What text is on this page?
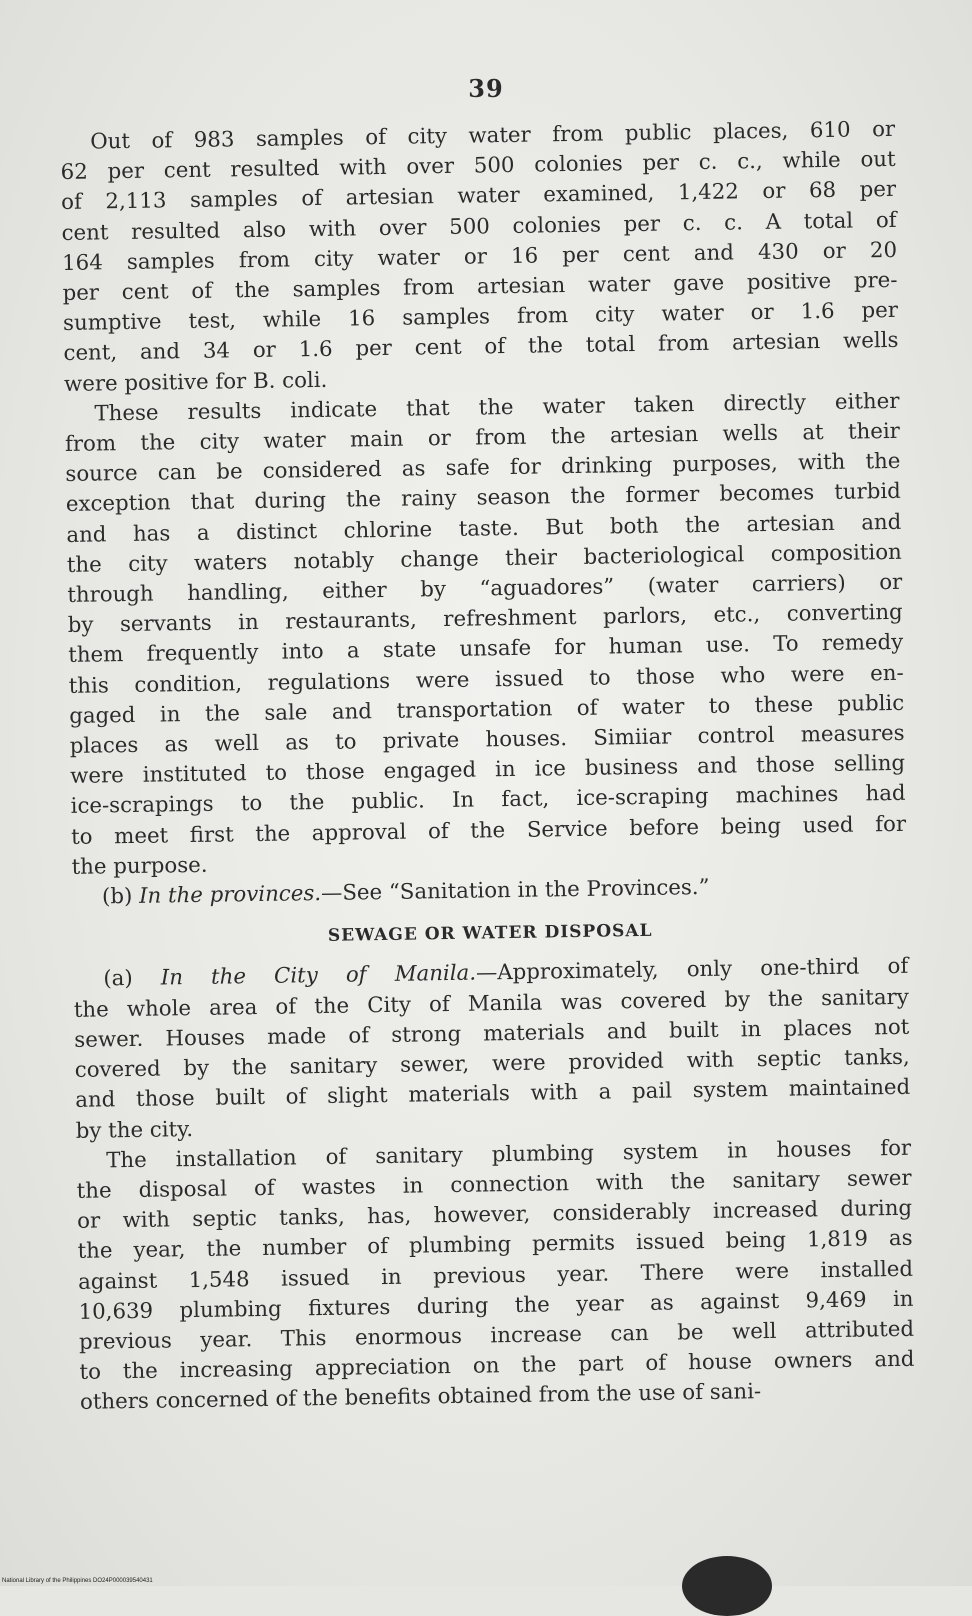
39

Out of 983 samples of city water from public places, 610 or
62 per cent resulted with over 500 colonies per c. c., while out
of 2,113 samples of artesian water examined, 1,422 or 68 per
cent resulted also with over 500 colonies per c. c. A total of
164 samples from city water or 16 per cent and 430 or 20
per cent of the samples from artesian water gave positive pre-
sumptive test, while 16 samples from city water or 1.6 per
cent, and 34 or 1.6 per cent of the total from artesian wells
were positive for B. coli.

These results indicate that the water taken directly either
from the city water main or from the artesian wells at their
source can be considered as safe for drinking purposes, with the
exception that during the rainy season the former becomes turbid
and has a distinct chlorine taste. But both the artesian and
the city waters notably change their bacteriological composition
through handling, either by “aguadores” (water carriers) or
by servants in restaurants, refreshment parlors, etc., converting
them frequently into a state unsafe for human use. To remedy
this condition, regulations were issued to those who were en-
gaged in the sale and transportation of water to these public
places as well as to private houses. Simiiar control measures
were instituted to those engaged in ice business and those selling
ice-scrapings to the public. In fact, ice-scraping machines had
to meet first the approval of the Service before being used for
the purpose.

(b) In the provinces.—See “Sanitation in the Provinces.”

SEWAGE OR WATER DISPOSAL

(a) In the City of Manila.—Approximately, only one-third of
the whole area of the City of Manila was covered by the sanitary
sewer. Houses made of strong materials and built in places not
covered by the sanitary sewer, were provided with septic tanks,
and those built of slight materials with a pail system maintained
by the city.

The installation of sanitary plumbing system in houses for
the disposal of wastes in connection with the sanitary sewer
or with septic tanks, has, however, considerably increased during
the year, the number of plumbing permits issued being 1,819 as
against 1,548 issued in previous year. There were installed
10,639 plumbing fixtures during the year as against 9,469 in
previous year. This enormous increase can be well attributed
to the increasing appreciation on the part of house owners and
others concerned of the benefits obtained from the use of sani-

National Library of the Philippines DO24P000039540431
